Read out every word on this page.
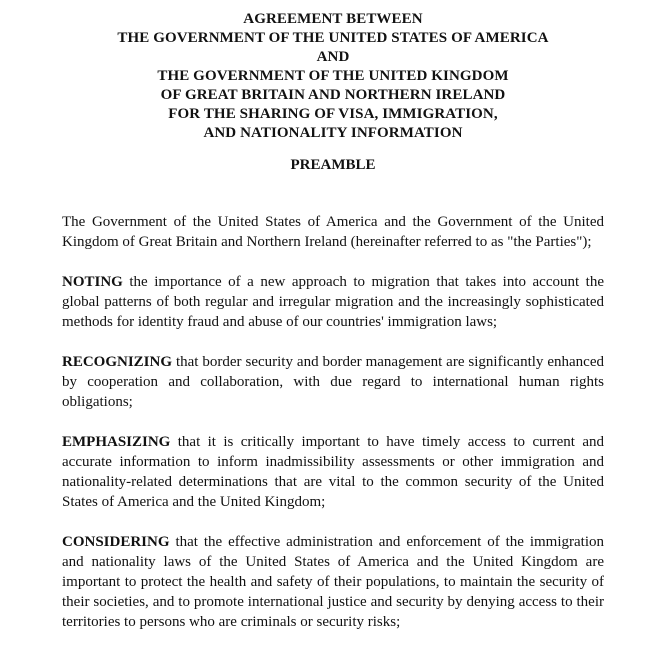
AGREEMENT BETWEEN
THE GOVERNMENT OF THE UNITED STATES OF AMERICA
AND
THE GOVERNMENT OF THE UNITED KINGDOM
OF GREAT BRITAIN AND NORTHERN IRELAND
FOR THE SHARING OF VISA, IMMIGRATION,
AND NATIONALITY INFORMATION
PREAMBLE

The Government of the United States of America and the Government of the United Kingdom of Great Britain and Northern Ireland (hereinafter referred to as "the Parties");

NOTING the importance of a new approach to migration that takes into account the global patterns of both regular and irregular migration and the increasingly sophisticated methods for identity fraud and abuse of our countries' immigration laws;

RECOGNIZING that border security and border management are significantly enhanced by cooperation and collaboration, with due regard to international human rights obligations;

EMPHASIZING that it is critically important to have timely access to current and accurate information to inform inadmissibility assessments or other immigration and nationality-related determinations that are vital to the common security of the United States of America and the United Kingdom;

CONSIDERING that the effective administration and enforcement of the immigration and nationality laws of the United States of America and the United Kingdom are important to protect the health and safety of their populations, to maintain the security of their societies, and to promote international justice and security by denying access to their territories to persons who are criminals or security risks;
